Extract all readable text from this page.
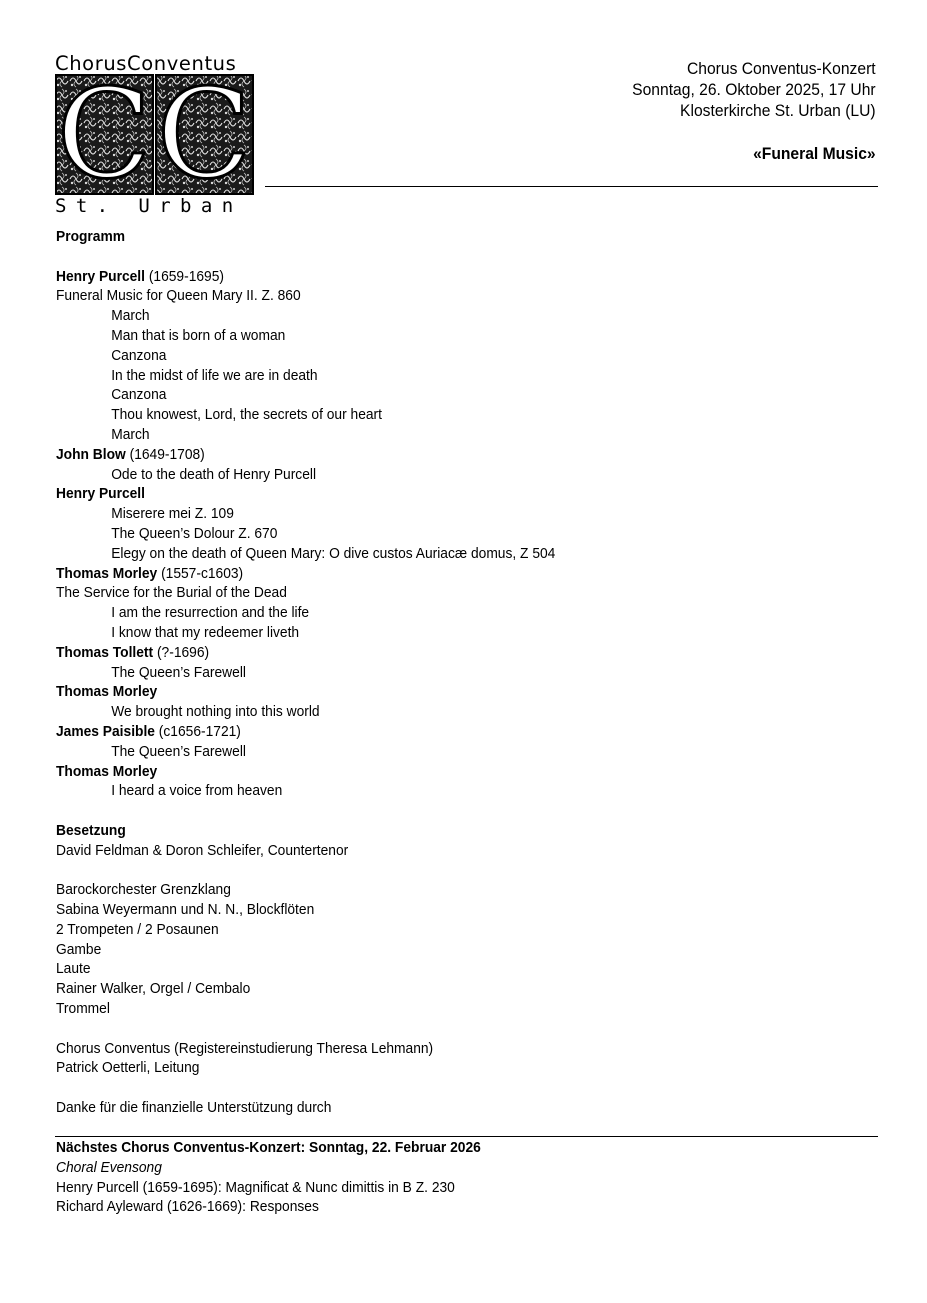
ChorusConventus
C C
St. Urban
Chorus Conventus-Konzert
Sonntag, 26. Oktober 2025, 17 Uhr
Klosterkirche St. Urban (LU)
«Funeral Music»
Programm
Henry Purcell (1659-1695)
Funeral Music for Queen Mary II. Z. 860
March
Man that is born of a woman
Canzona
In the midst of life we are in death
Canzona
Thou knowest, Lord, the secrets of our heart
March
John Blow (1649-1708)
Ode to the death of Henry Purcell
Henry Purcell
Miserere mei Z. 109
The Queen’s Dolour Z. 670
Elegy on the death of Queen Mary: O dive custos Auriacæ domus, Z 504
Thomas Morley (1557-c1603)
The Service for the Burial of the Dead
I am the resurrection and the life
I know that my redeemer liveth
Thomas Tollett (?-1696)
The Queen’s Farewell
Thomas Morley
We brought nothing into this world
James Paisible (c1656-1721)
The Queen’s Farewell
Thomas Morley
I heard a voice from heaven
Besetzung
David Feldman & Doron Schleifer, Countertenor
Barockorchester Grenzklang
Sabina Weyermann und N. N., Blockflöten
2 Trompeten / 2 Posaunen
Gambe
Laute
Rainer Walker, Orgel / Cembalo
Trommel
Chorus Conventus (Registereinstudierung Theresa Lehmann)
Patrick Oetterli, Leitung
Danke für die finanzielle Unterstützung durch
Nächstes Chorus Conventus-Konzert: Sonntag, 22. Februar 2026
Choral Evensong
Henry Purcell (1659-1695): Magnificat & Nunc dimittis in B Z. 230
Richard Ayleward (1626-1669): Responses
